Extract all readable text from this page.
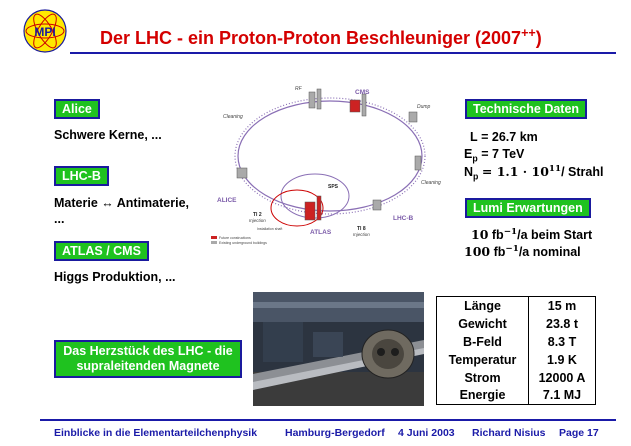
MPI Der LHC - ein Proton-Proton Beschleuniger (2007++)
Alice
Schwere Kerne, ...
LHC-B
Materie ↔ Antimaterie,
...
ATLAS / CMS
Higgs Produktion, ...
RF	CMS
Dump
Cleaning
Cleaning
SPS
ALICE
ATLAS
LHC-B
TI 2
Injection
TI 8
Injection
Installation shaft
Future constructions
Existing underground buildings
Technische Daten
L = 26.7 km
$E_p = 7$ TeV
$N_p = 1.1 \cdot 10^{11}/$ Strahl
Lumi Erwartungen
10 $fb^{-1}/a$ beim Start
100 $fb^{-1}/a$ nominal
Das Herzstück des LHC - die supraleitenden Magnete
Länge	15 m
Gewicht	23.8 t
B-Feld	8.3 T
Temperatur	1.9 K
Strom	12000 A
Energie	7.1 MJ
Einblicke in die Elementarteilchenphysik	Hamburg-Bergedorf 4 Juni 2003 Richard Nisius Page 17
